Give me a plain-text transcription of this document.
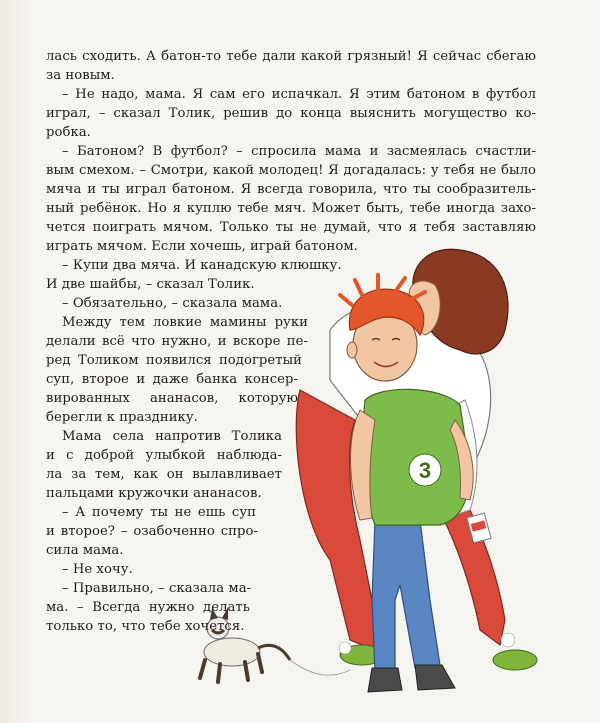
3
лась сходить. А батон-то тебе дали какой грязный! Я сейчас сбегаю
за новым.
– Не надо, мама. Я сам его испачкал. Я этим батоном в футбол
играл, – сказал Толик, решив до конца выяснить могущество ко-
робка.
– Батоном? В футбол? – спросила мама и засмеялась счастли-
вым смехом. – Смотри, какой молодец! Я догадалась: у тебя не было
мяча и ты играл батоном. Я всегда говорила, что ты сообразитель-
ный ребёнок. Но я куплю тебе мяч. Может быть, тебе иногда захо-
чется поиграть мячом. Только ты не думай, что я тебя заставляю
играть мячом. Если хочешь, играй батоном.
– Купи два мяча. И канадскую клюшку.
И две шайбы, – сказал Толик.
– Обязательно, – сказала мама.
Между тем ловкие мамины руки
делали всё что нужно, и вскоре пе-
ред Толиком появился подогретый
суп, второе и даже банка консер-
вированных ананасов, которую
берегли к празднику.
Мама села напротив Толика
и с доброй улыбкой наблюда-
ла за тем, как он вылавливает
пальцами кружочки ананасов.
– А почему ты не ешь суп
и второе? – озабоченно спро-
сила мама.
– Не хочу.
– Правильно, – сказала ма-
ма. – Всегда нужно делать
только то, что тебе хочется.
